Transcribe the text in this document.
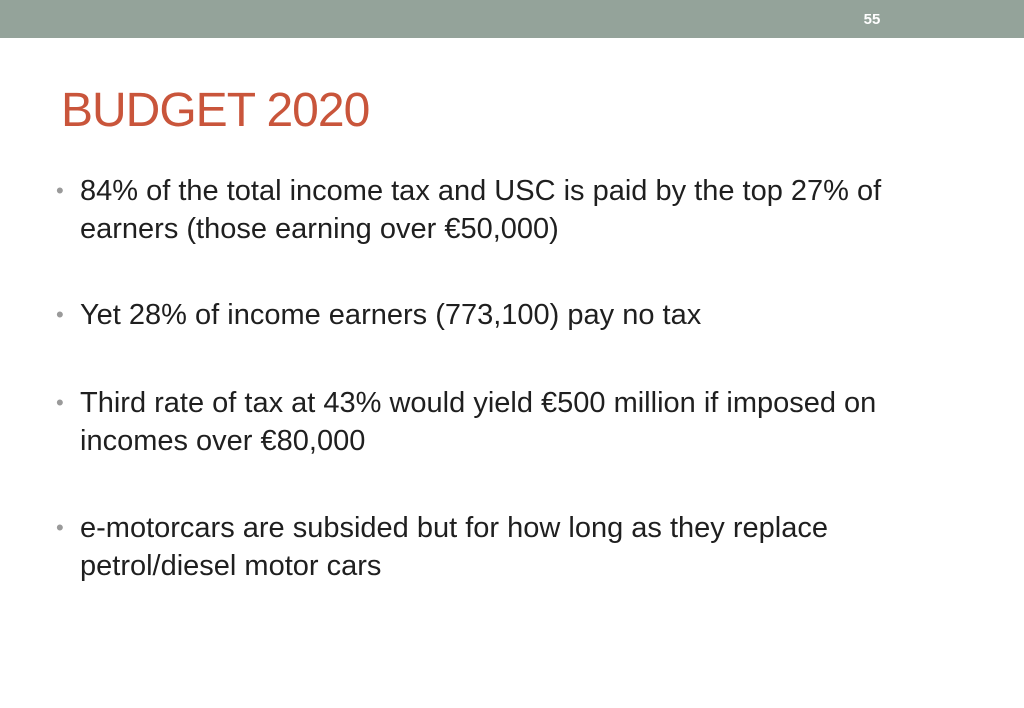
55
BUDGET 2020
• 84% of the total income tax and USC is paid by the top 27% of earners (those earning over €50,000)
• Yet 28% of income earners (773,100) pay no tax
• Third rate of tax at 43% would yield €500 million if imposed on incomes over €80,000
• e-motorcars are subsided but for how long as they replace petrol/diesel motor cars
